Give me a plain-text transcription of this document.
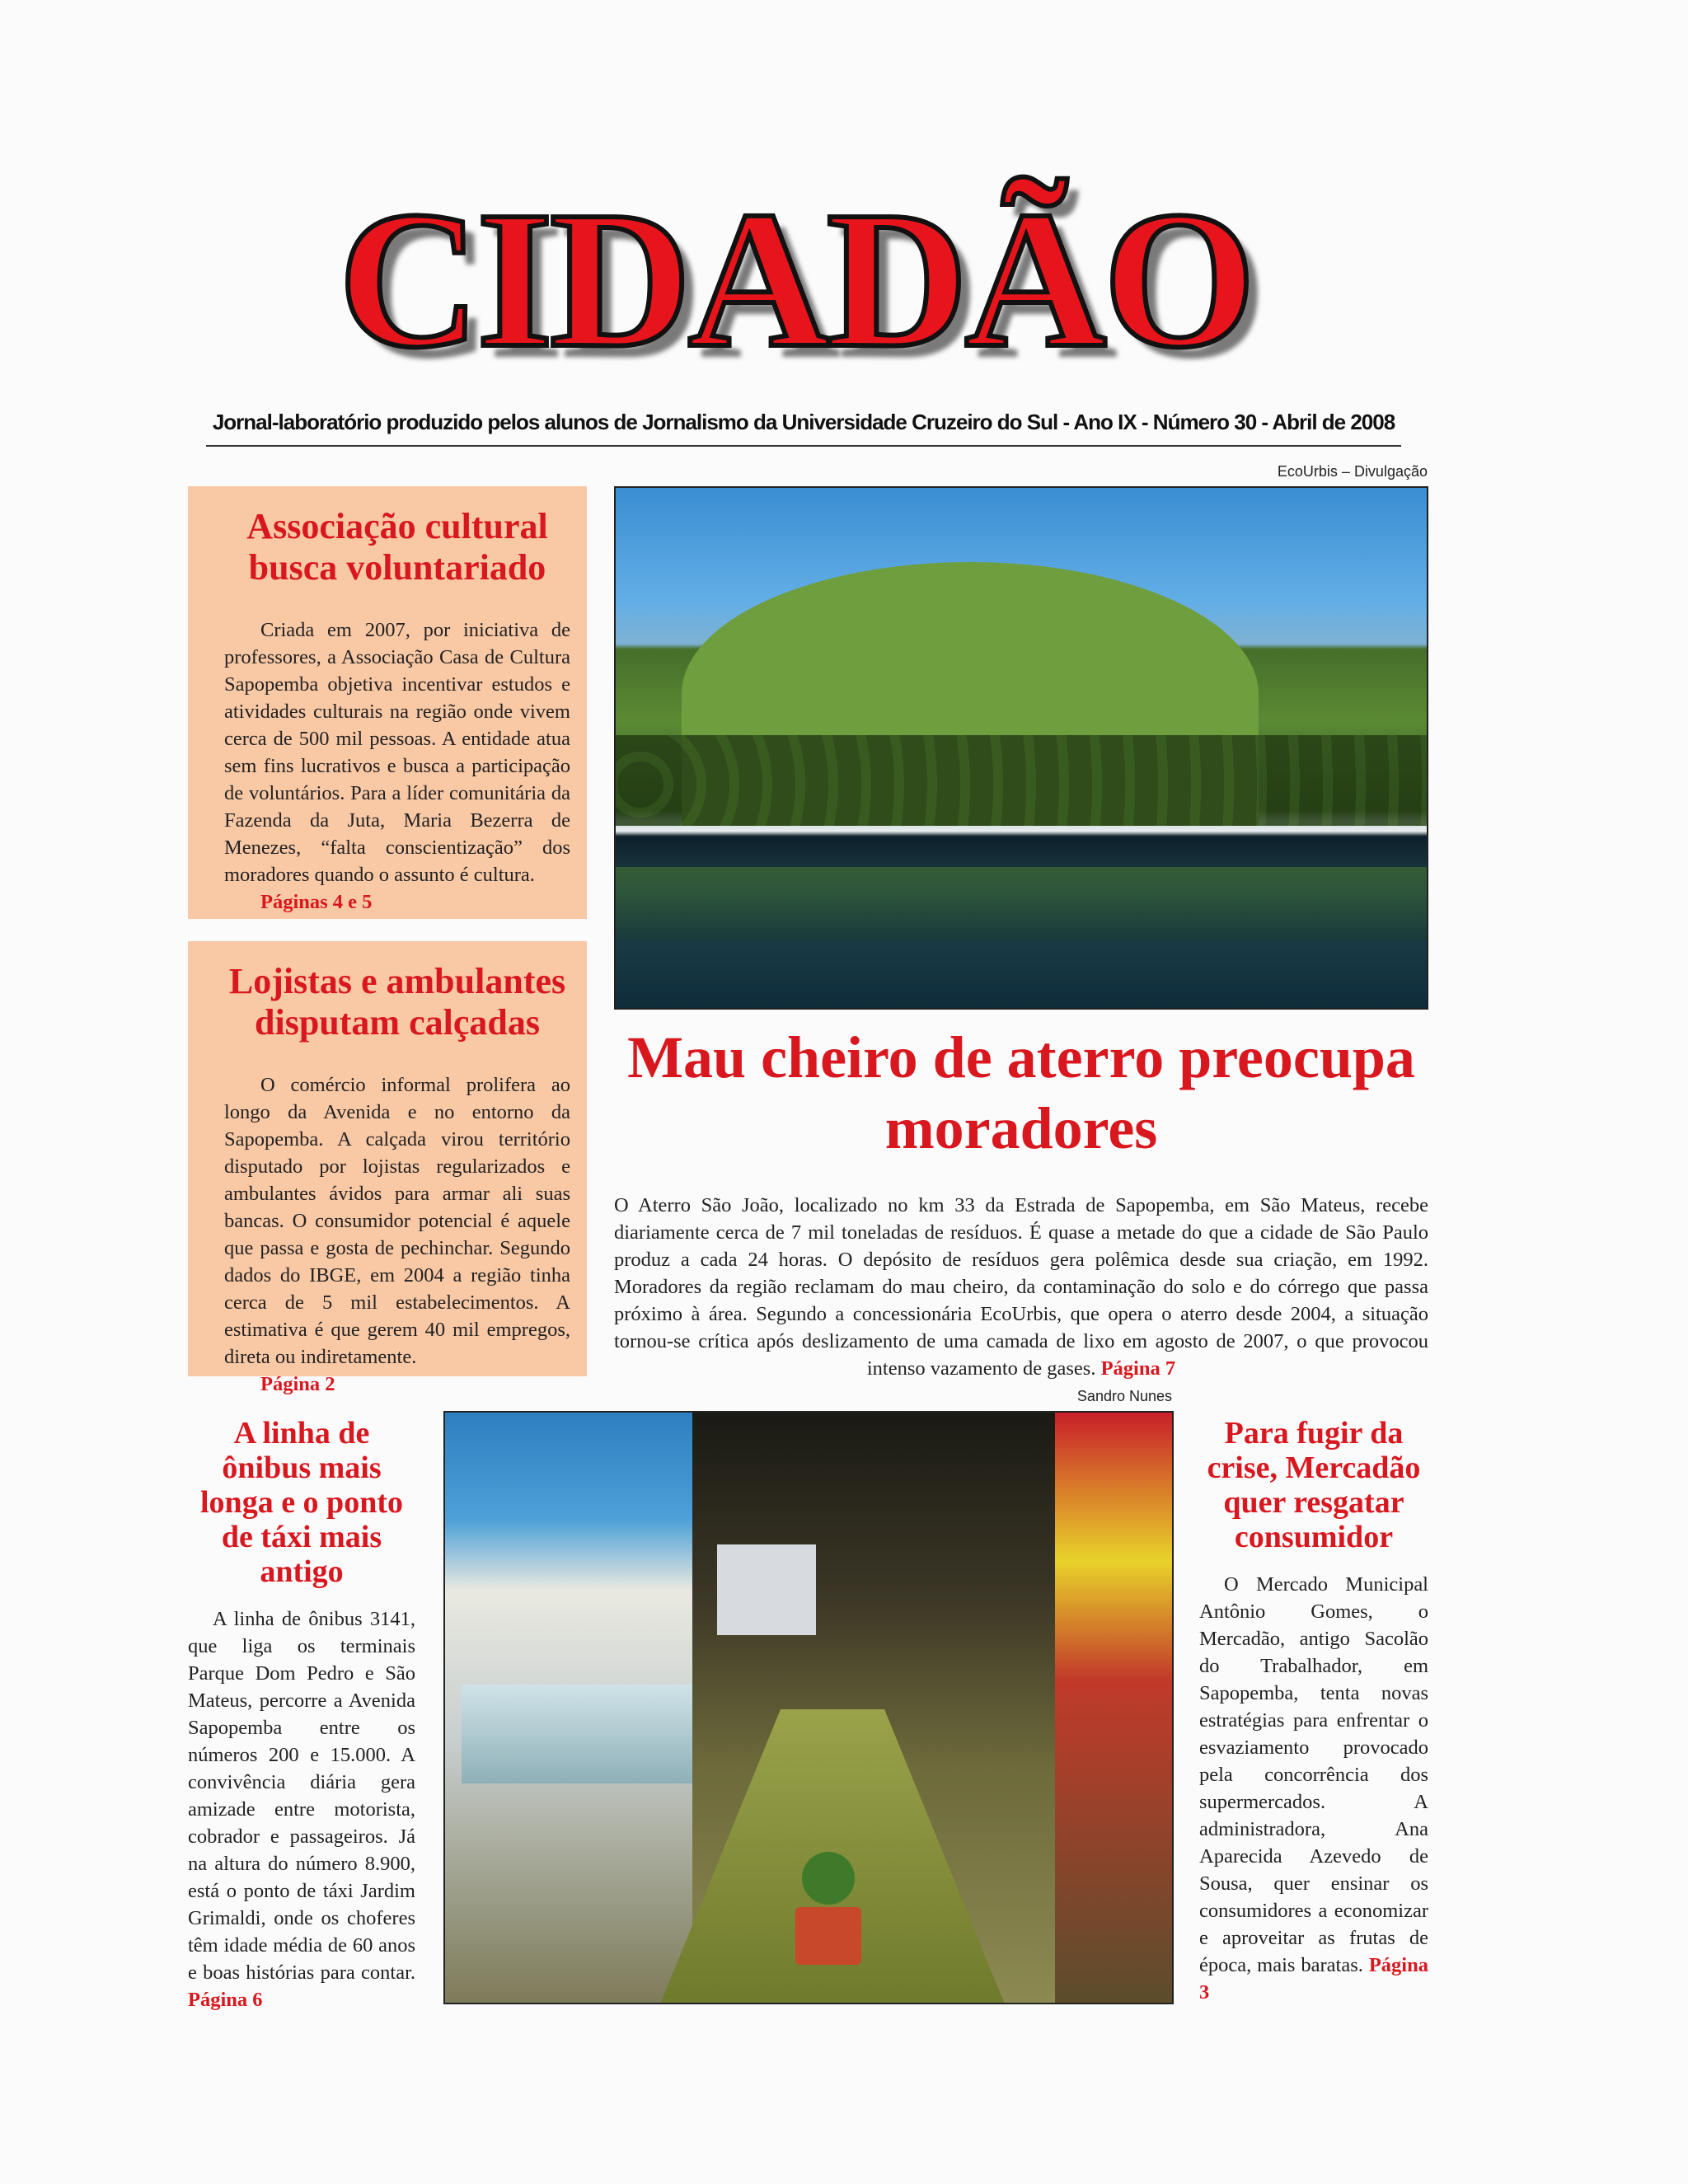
CIDADÃO
Jornal-laboratório produzido pelos alunos de Jornalismo da Universidade Cruzeiro do Sul - Ano IX - Número 30 - Abril de 2008
Associação cultural busca voluntariado

Criada em 2007, por iniciativa de professores, a Associação Casa de Cultura Sapopemba objetiva incentivar estudos e atividades culturais na região onde vivem cerca de 500 mil pessoas. A entidade atua sem fins lucrativos e busca a participação de voluntários. Para a líder comunitária da Fazenda da Juta, Maria Bezerra de Menezes, “falta conscientização” dos moradores quando o assunto é cultura.

Páginas 4 e 5

Lojistas e ambulantes disputam calçadas

O comércio informal prolifera ao longo da Avenida e no entorno da Sapopemba. A calçada virou território disputado por lojistas regularizados e ambulantes ávidos para armar ali suas bancas. O consumidor potencial é aquele que passa e gosta de pechinchar. Segundo dados do IBGE, em 2004 a região tinha cerca de 5 mil estabelecimentos. A estimativa é que gerem 40 mil empregos, direta ou indiretamente.

Página 2

EcoUrbis – Divulgação
Mau cheiro de aterro preocupa moradores
O Aterro São João, localizado no km 33 da Estrada de Sapopemba, em São Mateus, recebe diariamente cerca de 7 mil toneladas de resíduos. É quase a metade do que a cidade de São Paulo produz a cada 24 horas. O depósito de resíduos gera polêmica desde sua criação, em 1992. Moradores da região reclamam do mau cheiro, da contaminação do solo e do córrego que passa próximo à área. Segundo a concessionária EcoUrbis, que opera o aterro desde 2004, a situação tornou-se crítica após deslizamento de uma camada de lixo em agosto de 2007, o que provocou intenso vazamento de gases. Página 7
A linha de ônibus mais longa e o ponto de táxi mais antigo

A linha de ônibus 3141, que liga os terminais Parque Dom Pedro e São Mateus, percorre a Avenida Sapopemba entre os números 200 e 15.000. A convivência diária gera amizade entre motorista, cobrador e passageiros. Já na altura do número 8.900, está o ponto de táxi Jardim Grimaldi, onde os choferes têm idade média de 60 anos e boas histórias para contar. Página 6

Sandro Nunes
Para fugir da crise, Mercadão quer resgatar consumidor

O Mercado Municipal Antônio Gomes, o Mercadão, antigo Sacolão do Trabalhador, em Sapopemba, tenta novas estratégias para enfrentar o esvaziamento provocado pela concorrência dos supermercados. A administradora, Ana Aparecida Azevedo de Sousa, quer ensinar os consumidores a economizar e aproveitar as frutas de época, mais baratas. Página 3
